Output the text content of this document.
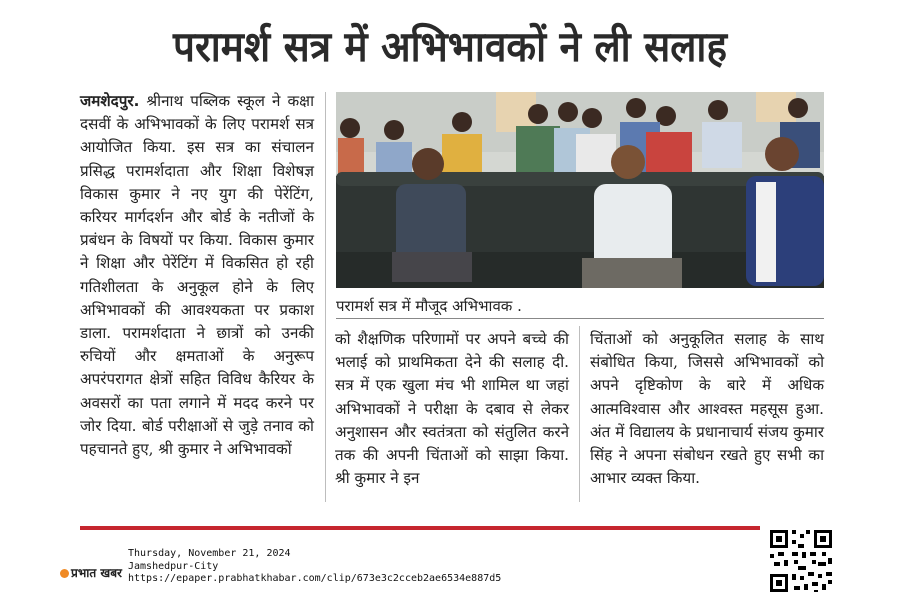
परामर्श सत्र में अभिभावकों ने ली सलाह
जमशेदपुर. श्रीनाथ पब्लिक स्कूल ने कक्षा दसवीं के अभिभावकों के लिए परामर्श सत्र आयोजित किया. इस सत्र का संचालन प्रसिद्ध परामर्शदाता और शिक्षा विशेषज्ञ विकास कुमार ने नए युग की पेरेंटिंग, करियर मार्गदर्शन और बोर्ड के नतीजों के प्रबंधन के विषयों पर किया. विकास कुमार ने शिक्षा और पेरेंटिंग में विकसित हो रही गतिशीलता के अनुकूल होने के लिए अभिभावकों की आवश्यकता पर प्रकाश डाला. परामर्शदाता ने छात्रों को उनकी रुचियों और क्षमताओं के अनुरूप अपरंपरागत क्षेत्रों सहित विविध कैरियर के अवसरों का पता लगाने में मदद करने पर जोर दिया. बोर्ड परीक्षाओं से जुड़े तनाव को पहचानते हुए, श्री कुमार ने अभिभावकों
परामर्श सत्र में मौजूद अभिभावक .
को शैक्षणिक परिणामों पर अपने बच्चे की भलाई को प्राथमिकता देने की सलाह दी. सत्र में एक खुला मंच भी शामिल था जहां अभिभावकों ने परीक्षा के दबाव से लेकर अनुशासन और स्वतंत्रता को संतुलित करने तक की अपनी चिंताओं को साझा किया. श्री कुमार ने इन
चिंताओं को अनुकूलित सलाह के साथ संबोधित किया, जिससे अभिभावकों को अपने दृष्टिकोण के बारे में अधिक आत्मविश्वास और आश्वस्त महसूस हुआ. अंत में विद्यालय के प्रधानाचार्य संजय कुमार सिंह ने अपना संबोधन रखते हुए सभी का आभार व्यक्त किया.
प्रभात खबर
Thursday, November 21, 2024
Jamshedpur-City
https://epaper.prabhatkhabar.com/clip/673e3c2cceb2ae6534e887d5
